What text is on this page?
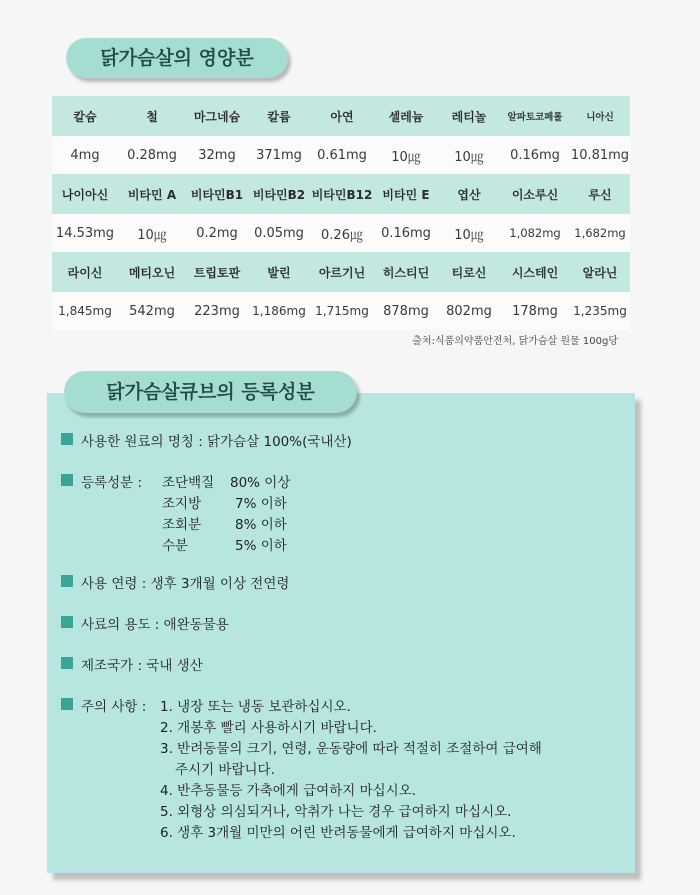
닭가슴살의 영양분
칼슘	철	마그네슘	칼륨	아연	셀레늄	레티놀	알파토코페롤	니아신
4mg	0.28mg	32mg	371mg	0.61mg	10㎍	10㎍	0.16mg 10.81mg
나이아신	비타민 A	비타민B1 비타민B2 비타민B12 비타민 E	엽산	이소루신	루신
14.53mg	10㎍	0.2mg	0.05mg	0.26㎍	0.16mg	10㎍	1,082mg	1,682mg
라이신	메티오닌	트립토판	발린	아르기닌	히스티딘	티로신	시스테인	알라닌
1,845mg	542mg	223mg	1,186mg 1,715mg	878mg	802mg	178mg	1,235mg
출처:식품의약품안전처, 닭가슴살 원물 100g당
닭가슴살큐브의 등록성분
사용한 원료의 명칭 : 닭가슴살 100%(국내산)
등록성분 : 조단백질 80% 이상
조지방	7% 이하
조회분	8% 이하
수분	5% 이하
사용 연령 : 생후 3개월 이상 전연령
사료의 용도 : 애완동물용
제조국가 : 국내 생산
주의 사항 : 1. 냉장 또는 냉동 보관하십시오.
2. 개봉후 빨리 사용하시기 바랍니다.
3. 반려동물의 크기, 연령, 운동량에 따라 적절히 조절하여 급여해
주시기 바랍니다.
4. 반추동물등 가축에게 급여하지 마십시오.
5. 외형상 의심되거나, 악취가 나는 경우 급여하지 마십시오.
6. 생후 3개월 미만의 어린 반려동물에게 급여하지 마십시오.
